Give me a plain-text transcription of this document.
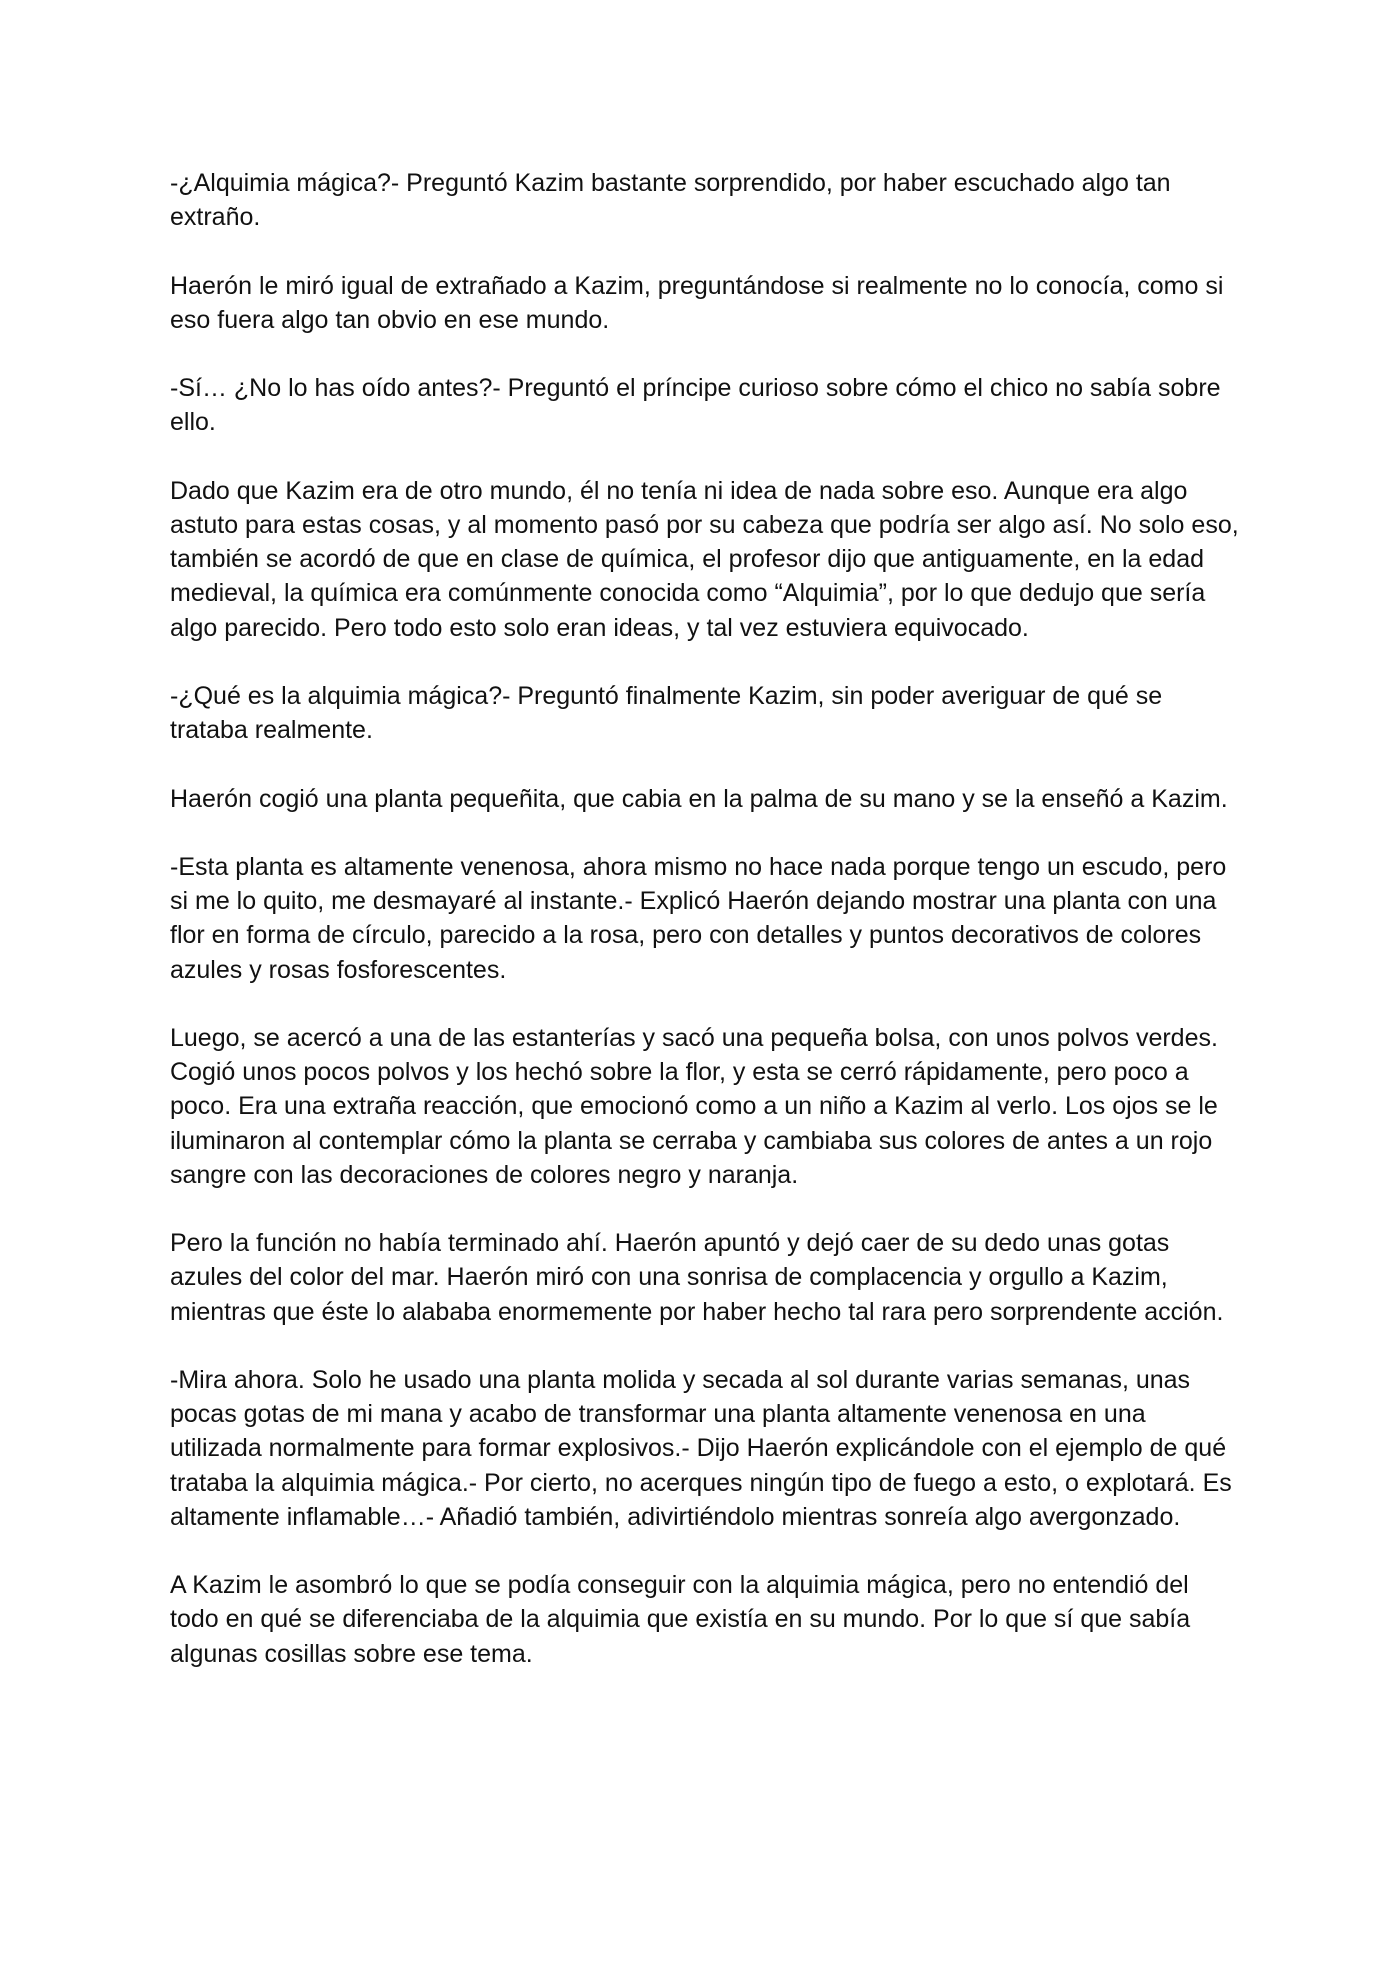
-¿Alquimia mágica?- Preguntó Kazim bastante sorprendido, por haber escuchado algo tan extraño.

Haerón le miró igual de extrañado a Kazim, preguntándose si realmente no lo conocía, como si eso fuera algo tan obvio en ese mundo.

-Sí… ¿No lo has oído antes?- Preguntó el príncipe curioso sobre cómo el chico no sabía sobre ello.

Dado que Kazim era de otro mundo, él no tenía ni idea de nada sobre eso. Aunque era algo astuto para estas cosas, y al momento pasó por su cabeza que podría ser algo así. No solo eso, también se acordó de que en clase de química, el profesor dijo que antiguamente, en la edad medieval, la química era comúnmente conocida como “Alquimia”, por lo que dedujo que sería algo parecido. Pero todo esto solo eran ideas, y tal vez estuviera equivocado.

-¿Qué es la alquimia mágica?- Preguntó finalmente Kazim, sin poder averiguar de qué se trataba realmente.

Haerón cogió una planta pequeñita, que cabia en la palma de su mano y se la enseñó a Kazim.

-Esta planta es altamente venenosa, ahora mismo no hace nada porque tengo un escudo, pero si me lo quito, me desmayaré al instante.- Explicó Haerón dejando mostrar una planta con una flor en forma de círculo, parecido a la rosa, pero con detalles y puntos decorativos de colores azules y rosas fosforescentes.

Luego, se acercó a una de las estanterías y sacó una pequeña bolsa, con unos polvos verdes. Cogió unos pocos polvos y los hechó sobre la flor, y esta se cerró rápidamente, pero poco a poco. Era una extraña reacción, que emocionó como a un niño a Kazim al verlo. Los ojos se le iluminaron al contemplar cómo la planta se cerraba y cambiaba sus colores de antes a un rojo sangre con las decoraciones de colores negro y naranja.

Pero la función no había terminado ahí. Haerón apuntó y dejó caer de su dedo unas gotas azules del color del mar. Haerón miró con una sonrisa de complacencia y orgullo a Kazim, mientras que éste lo alababa enormemente por haber hecho tal rara pero sorprendente acción.

-Mira ahora. Solo he usado una planta molida y secada al sol durante varias semanas, unas pocas gotas de mi mana y acabo de transformar una planta altamente venenosa en una utilizada normalmente para formar explosivos.- Dijo Haerón explicándole con el ejemplo de qué trataba la alquimia mágica.- Por cierto, no acerques ningún tipo de fuego a esto, o explotará. Es altamente inflamable…- Añadió también, adivirtiéndolo mientras sonreía algo avergonzado.

A Kazim le asombró lo que se podía conseguir con la alquimia mágica, pero no entendió del todo en qué se diferenciaba de la alquimia que existía en su mundo. Por lo que sí que sabía algunas cosillas sobre ese tema.
